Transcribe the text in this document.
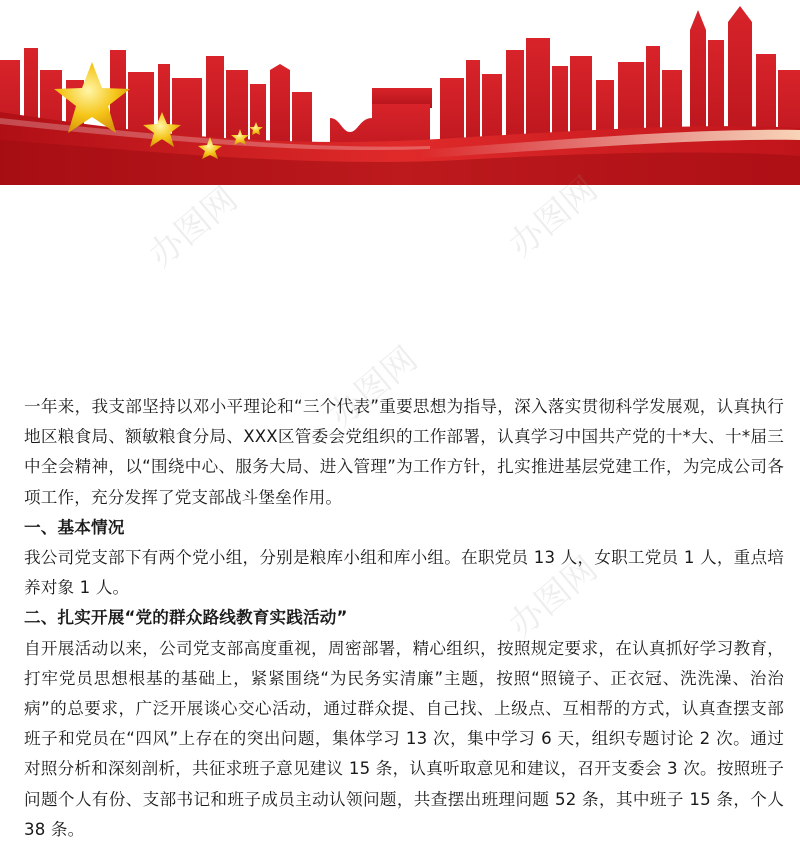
办图网	办图网
办图网
办图网

一年来，我支部坚持以邓小平理论和“三个代表”重要思想为指导，深入落实贯彻科学发展观，认真执行地区粮食局、额敏粮食分局、XXX区管委会党组织的工作部署，认真学习中国共产党的十*大、十*届三中全会精神，以“围绕中心、服务大局、进入管理”为工作方针，扎实推进基层党建工作，为完成公司各项工作，充分发挥了党支部战斗堡垒作用。

一、基本情况

我公司党支部下有两个党小组，分别是粮库小组和库小组。在职党员 13 人，女职工党员 1 人，重点培养对象 1 人。

二、扎实开展“党的群众路线教育实践活动”

自开展活动以来，公司党支部高度重视，周密部署，精心组织，按照规定要求，在认真抓好学习教育，打牢党员思想根基的基础上，紧紧围绕“为民务实清廉”主题，按照“照镜子、正衣冠、洗洗澡、治治病”的总要求，广泛开展谈心交心活动，通过群众提、自己找、上级点、互相帮的方式，认真查摆支部班子和党员在“四风”上存在的突出问题，集体学习 13 次，集中学习 6 天，组织专题讨论 2 次。通过对照分析和深刻剖析，共征求班子意见建议 15 条，认真听取意见和建议，召开支委会 3 次。按照班子问题个人有份、支部书记和班子成员主动认领问题，共查摆出班理问题 52 条，其中班子 15 条，个人 38 条。
